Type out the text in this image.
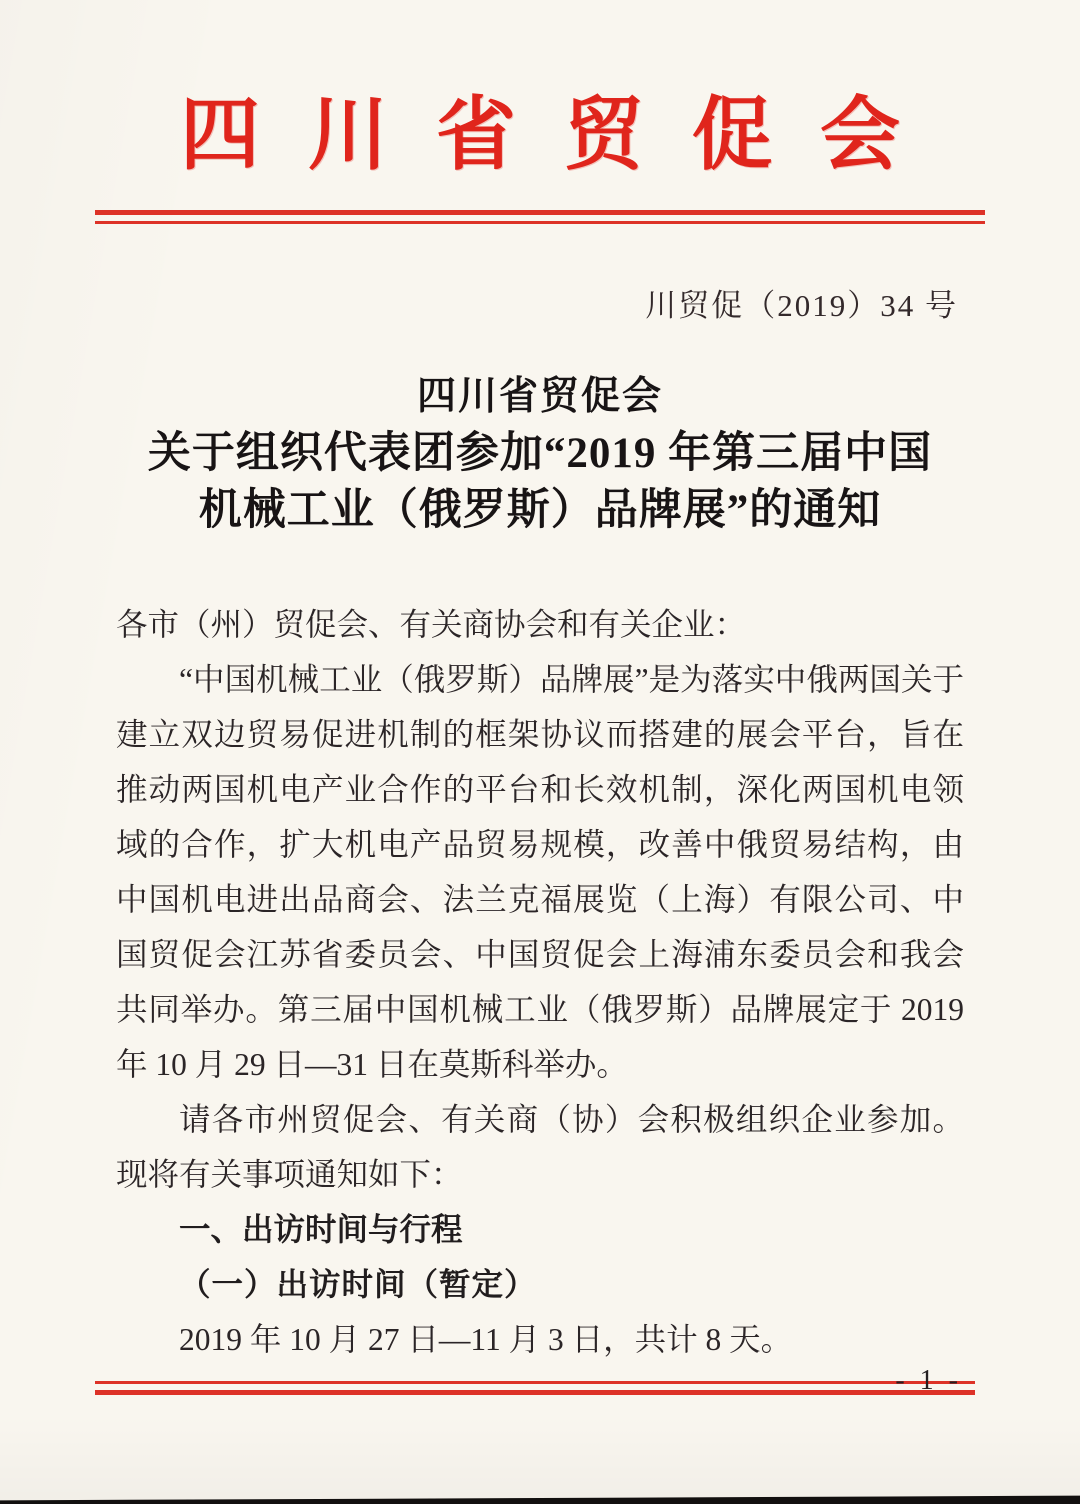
四川省贸促会
川贸促（2019）34 号
四川省贸促会
关于组织代表团参加“2019 年第三届中国
机械工业（俄罗斯）品牌展”的通知

各市（州）贸促会、有关商协会和有关企业：

“中国机械工业（俄罗斯）品牌展”是为落实中俄两国关于建立双边贸易促进机制的框架协议而搭建的展会平台，旨在推动两国机电产业合作的平台和长效机制，深化两国机电领域的合作，扩大机电产品贸易规模，改善中俄贸易结构，由中国机电进出品商会、法兰克福展览（上海）有限公司、中国贸促会江苏省委员会、中国贸促会上海浦东委员会和我会共同举办。第三届中国机械工业（俄罗斯）品牌展定于 2019 年 10 月 29 日—31 日在莫斯科举办。

请各市州贸促会、有关商（协）会积极组织企业参加。现将有关事项通知如下：

一、出访时间与行程

（一）出访时间（暂定）

2019 年 10 月 27 日—11 月 3 日，共计 8 天。

- 1 -
